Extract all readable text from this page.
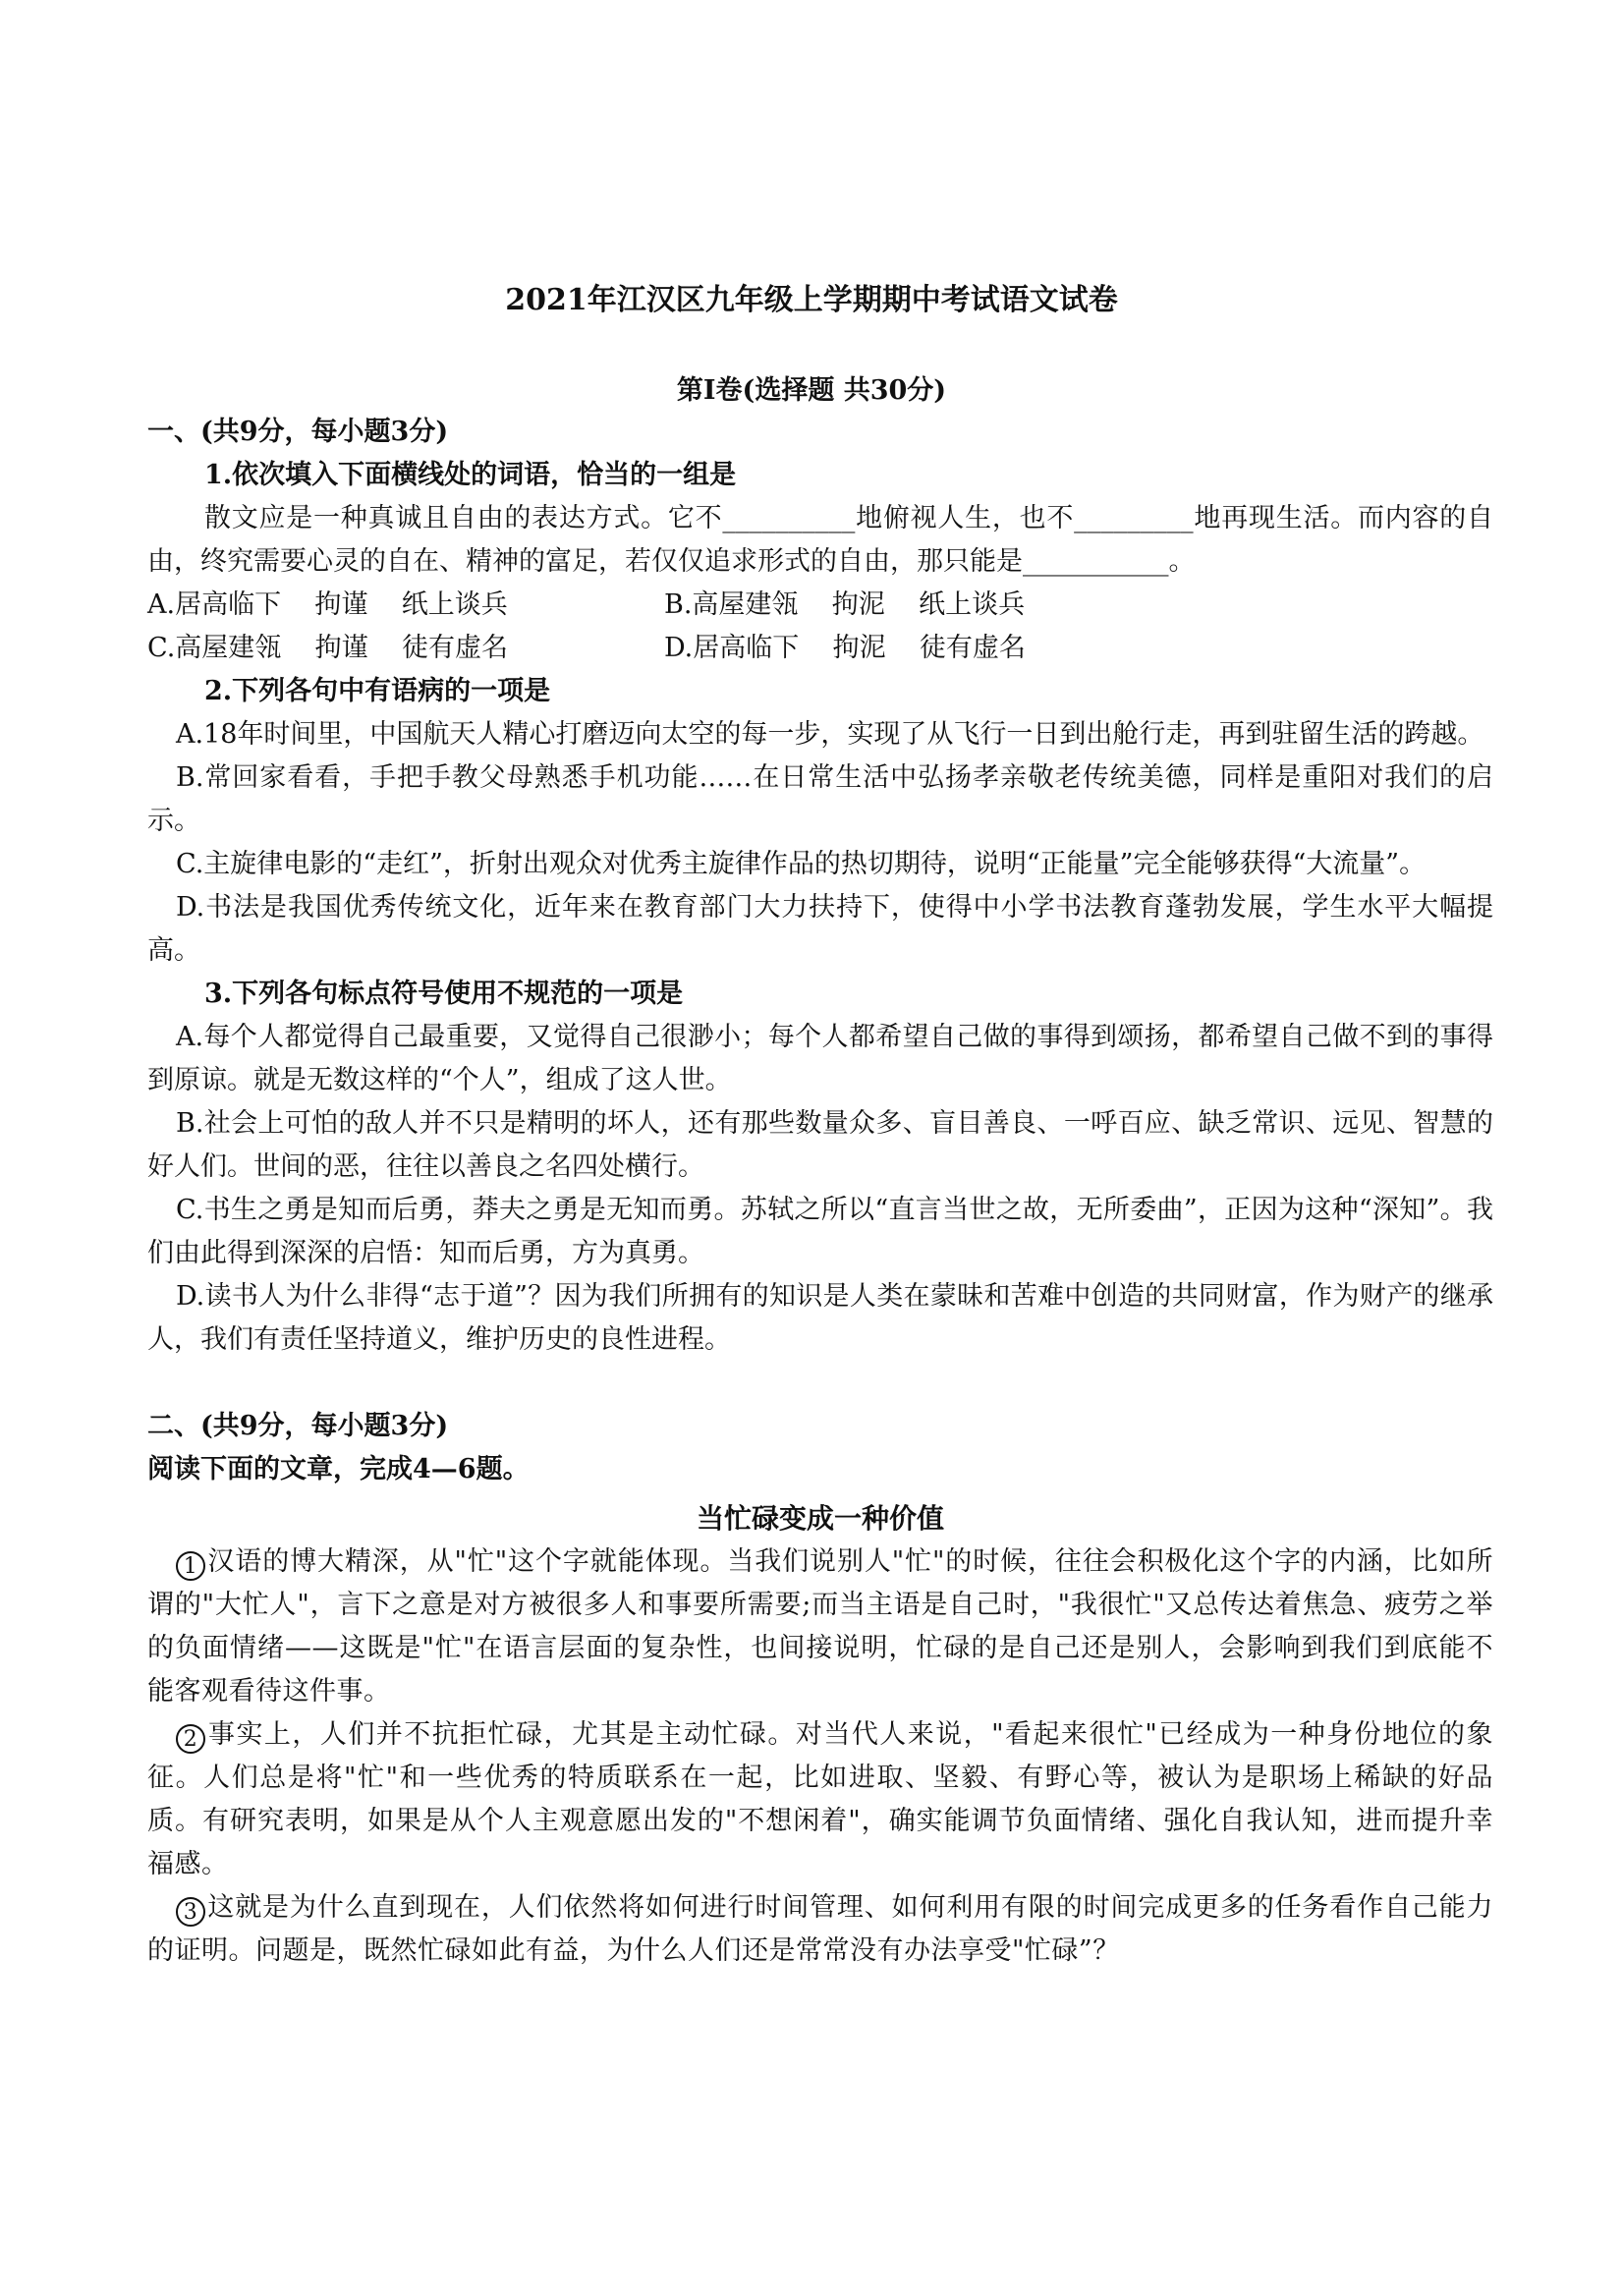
2021年江汉区九年级上学期期中考试语文试卷
第Ⅰ卷(选择题 共30分)

一、(共9分，每小题3分)

1.依次填入下面横线处的词语，恰当的一组是

散文应是一种真诚且自由的表达方式。它不__________地俯视人生，也不_________地再现生活。而内容的自由，终究需要心灵的自在、精神的富足，若仅仅追求形式的自由，那只能是___________。

A.居高临下    拘谨    纸上谈兵	B.高屋建瓴    拘泥    纸上谈兵
C.高屋建瓴    拘谨    徒有虚名	D.居高临下    拘泥    徒有虚名

2.下列各句中有语病的一项是

A.18年时间里，中国航天人精心打磨迈向太空的每一步，实现了从飞行一日到出舱行走，再到驻留生活的跨越。

B.常回家看看，手把手教父母熟悉手机功能……在日常生活中弘扬孝亲敬老传统美德，同样是重阳对我们的启示。

C.主旋律电影的“走红”，折射出观众对优秀主旋律作品的热切期待，说明“正能量”完全能够获得“大流量”。

D.书法是我国优秀传统文化，近年来在教育部门大力扶持下，使得中小学书法教育蓬勃发展，学生水平大幅提高。

3.下列各句标点符号使用不规范的一项是

A.每个人都觉得自己最重要，又觉得自己很渺小；每个人都希望自己做的事得到颂扬，都希望自己做不到的事得到原谅。就是无数这样的“个人”，组成了这人世。

B.社会上可怕的敌人并不只是精明的坏人，还有那些数量众多、盲目善良、一呼百应、缺乏常识、远见、智慧的好人们。世间的恶，往往以善良之名四处横行。

C.书生之勇是知而后勇，莽夫之勇是无知而勇。苏轼之所以“直言当世之故，无所委曲”，正因为这种“深知”。我们由此得到深深的启悟：知而后勇，方为真勇。

D.读书人为什么非得“志于道”？因为我们所拥有的知识是人类在蒙昧和苦难中创造的共同财富，作为财产的继承人，我们有责任坚持道义，维护历史的良性进程。

二、(共9分，每小题3分)

阅读下面的文章，完成4—6题。

当忙碌变成一种价值

1 汉语的博大精深，从"忙"这个字就能体现。当我们说别人"忙"的时候，往往会积极化这个字的内涵，比如所谓的"大忙人"，言下之意是对方被很多人和事要所需要;而当主语是自己时，"我很忙"又总传达着焦急、疲劳之举的负面情绪——这既是"忙"在语言层面的复杂性，也间接说明，忙碌的是自己还是别人，会影响到我们到底能不能客观看待这件事。

2 事实上，人们并不抗拒忙碌，尤其是主动忙碌。对当代人来说，"看起来很忙"已经成为一种身份地位的象征。人们总是将"忙"和一些优秀的特质联系在一起，比如进取、坚毅、有野心等，被认为是职场上稀缺的好品质。有研究表明，如果是从个人主观意愿出发的"不想闲着"，确实能调节负面情绪、强化自我认知，进而提升幸福感。

3 这就是为什么直到现在，人们依然将如何进行时间管理、如何利用有限的时间完成更多的任务看作自己能力的证明。问题是，既然忙碌如此有益，为什么人们还是常常没有办法享受"忙碌”？
